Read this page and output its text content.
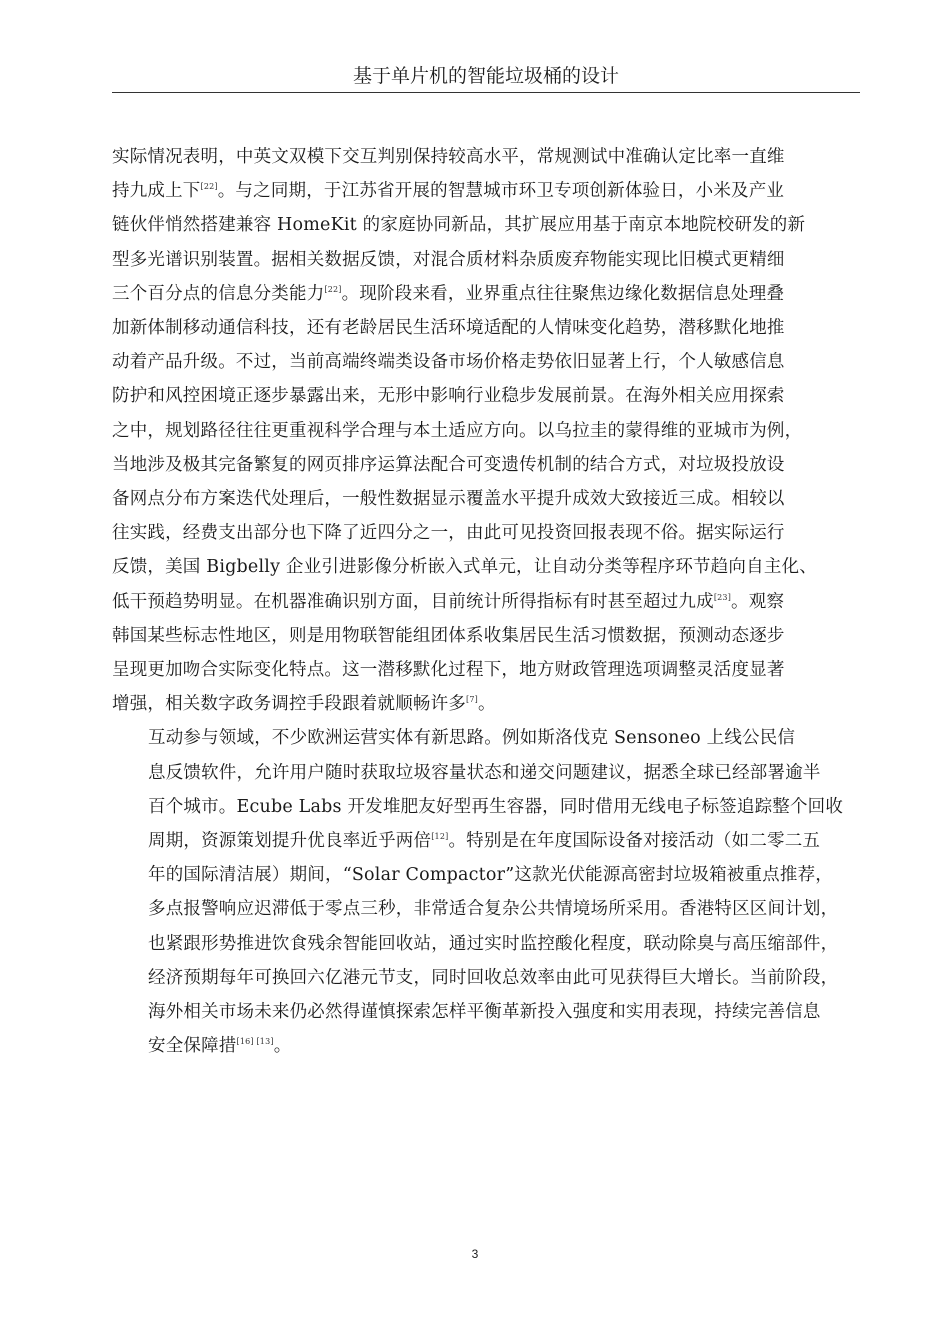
基于单片机的智能垃圾桶的设计

实际情况表明，中英文双模下交互判别保持较高水平，常规测试中准确认定比率一直维
持九成上下[22]。与之同期，于江苏省开展的智慧城市环卫专项创新体验日，小米及产业
链伙伴悄然搭建兼容 HomeKit 的家庭协同新品，其扩展应用基于南京本地院校研发的新
型多光谱识别装置。据相关数据反馈，对混合质材料杂质废弃物能实现比旧模式更精细
三个百分点的信息分类能力[22]。现阶段来看，业界重点往往聚焦边缘化数据信息处理叠
加新体制移动通信科技，还有老龄居民生活环境适配的人情味变化趋势，潜移默化地推
动着产品升级。不过，当前高端终端类设备市场价格走势依旧显著上行，个人敏感信息
防护和风控困境正逐步暴露出来，无形中影响行业稳步发展前景。在海外相关应用探索
之中，规划路径往往更重视科学合理与本土适应方向。以乌拉圭的蒙得维的亚城市为例，
当地涉及极其完备繁复的网页排序运算法配合可变遗传机制的结合方式，对垃圾投放设
备网点分布方案迭代处理后，一般性数据显示覆盖水平提升成效大致接近三成。相较以
往实践，经费支出部分也下降了近四分之一，由此可见投资回报表现不俗。据实际运行
反馈，美国 Bigbelly 企业引进影像分析嵌入式单元，让自动分类等程序环节趋向自主化、
低干预趋势明显。在机器准确识别方面，目前统计所得指标有时甚至超过九成[23]。观察
韩国某些标志性地区，则是用物联智能组团体系收集居民生活习惯数据，预测动态逐步
呈现更加吻合实际变化特点。这一潜移默化过程下，地方财政管理选项调整灵活度显著
增强，相关数字政务调控手段跟着就顺畅许多[7]。

互动参与领域，不少欧洲运营实体有新思路。例如斯洛伐克 Sensoneo 上线公民信
息反馈软件，允许用户随时获取垃圾容量状态和递交问题建议，据悉全球已经部署逾半
百个城市。Ecube Labs 开发堆肥友好型再生容器，同时借用无线电子标签追踪整个回收
周期，资源策划提升优良率近乎两倍[12]。特别是在年度国际设备对接活动（如二零二五
年的国际清洁展）期间，“Solar Compactor”这款光伏能源高密封垃圾箱被重点推荐，
多点报警响应迟滞低于零点三秒，非常适合复杂公共情境场所采用。香港特区区间计划，
也紧跟形势推进饮食残余智能回收站，通过实时监控酸化程度，联动除臭与高压缩部件，
经济预期每年可换回六亿港元节支，同时回收总效率由此可见获得巨大增长。当前阶段，
海外相关市场未来仍必然得谨慎探索怎样平衡革新投入强度和实用表现，持续完善信息
安全保障措[16] [13]。

3
